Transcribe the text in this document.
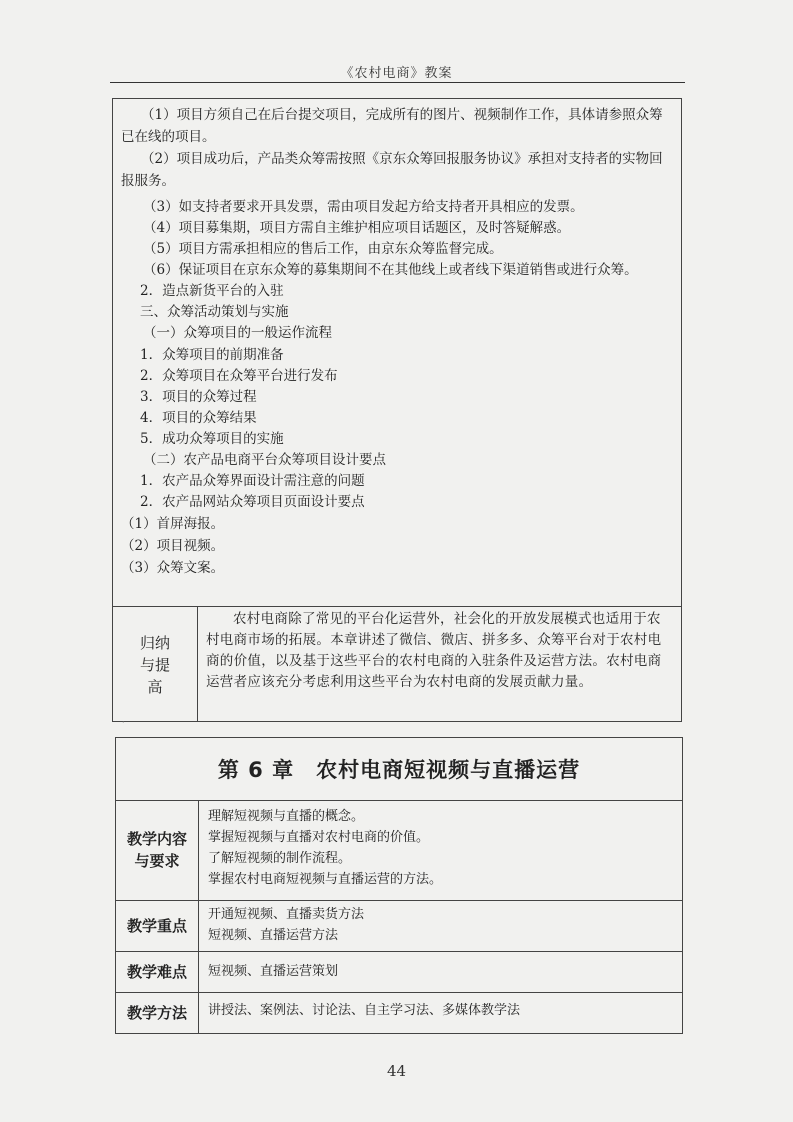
《农村电商》教案

（1）项目方须自己在后台提交项目，完成所有的图片、视频制作工作，具体请参照众筹已在线的项目。

（2）项目成功后，产品类众筹需按照《京东众筹回报服务协议》承担对支持者的实物回报服务。

（3）如支持者要求开具发票，需由项目发起方给支持者开具相应的发票。

（4）项目募集期，项目方需自主维护相应项目话题区，及时答疑解惑。

（5）项目方需承担相应的售后工作，由京东众筹监督完成。

（6）保证项目在京东众筹的募集期间不在其他线上或者线下渠道销售或进行众筹。

2．造点新货平台的入驻

三、众筹活动策划与实施

（一）众筹项目的一般运作流程

1．众筹项目的前期准备

2．众筹项目在众筹平台进行发布

3．项目的众筹过程

4．项目的众筹结果

5．成功众筹项目的实施

（二）农产品电商平台众筹项目设计要点

1．农产品众筹界面设计需注意的问题

2．农产品网站众筹项目页面设计要点

（1）首屏海报。

（2）项目视频。

（3）众筹文案。

归纳与提高

农村电商除了常见的平台化运营外，社会化的开放发展模式也适用于农村电商市场的拓展。本章讲述了微信、微店、拼多多、众筹平台对于农村电商的价值，以及基于这些平台的农村电商的入驻条件及运营方法。农村电商运营者应该充分考虑利用这些平台为农村电商的发展贡献力量。

·
第 6 章　农村电商短视频与直播运营
教学内容与要求
理解短视频与直播的概念。
掌握短视频与直播对农村电商的价值。
了解短视频的制作流程。
掌握农村电商短视频与直播运营的方法。
教学重点
开通短视频、直播卖货方法
短视频、直播运营方法
教学难点	短视频、直播运营策划
教学方法	讲授法、案例法、讨论法、自主学习法、多媒体教学法
44
